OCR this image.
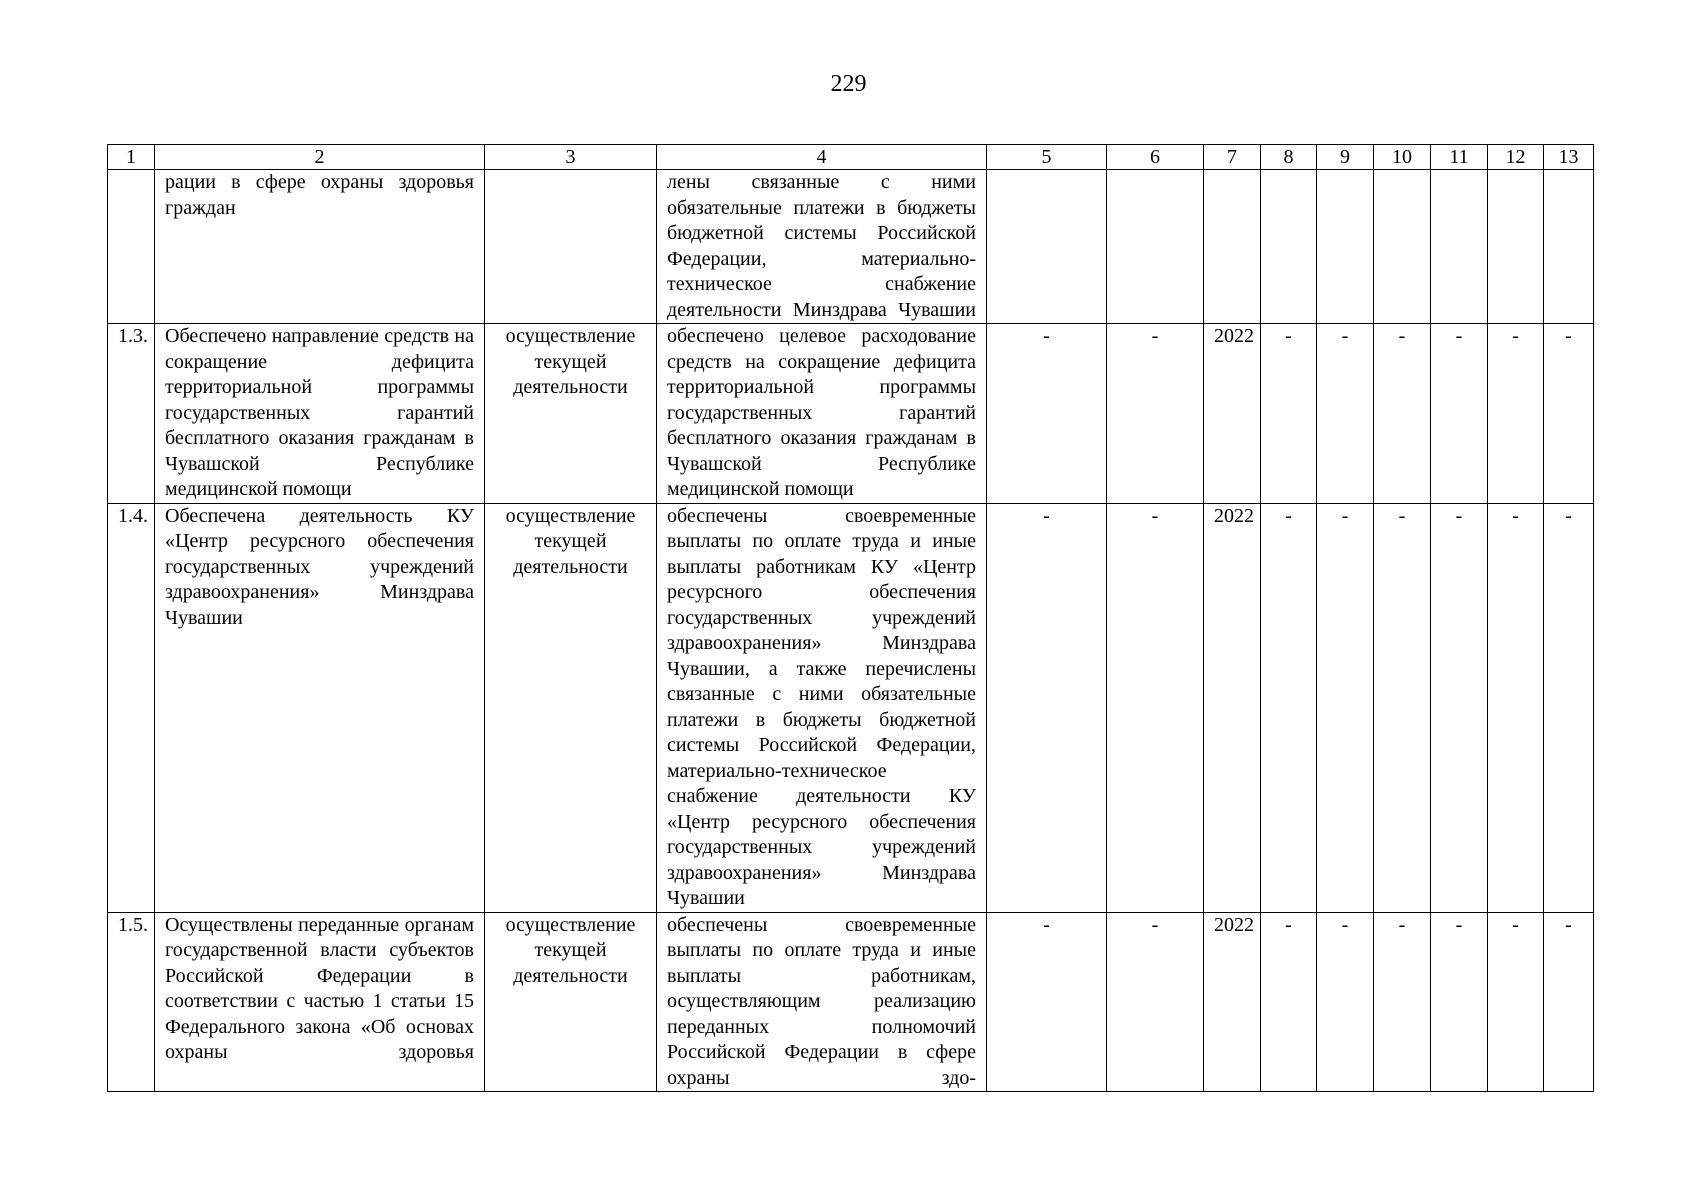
229
1	2	3	4	5	6	7	8	9	10	11	12	13
	рации в сфере охраны здоровья граждан		лены связанные с ними обязательные платежи в бюджеты бюджетной системы Российской Федерации, материально-техническое снабжение деятельности Минздрава Чувашии									
1.3.	Обеспечено направление средств на сокращение дефицита территориальной программы государственных гарантий бесплатного оказания гражданам в Чувашской Республике медицинской помощи	осуществление текущей деятельности	обеспечено целевое расходование средств на сокращение дефицита территориальной программы государственных гарантий бесплатного оказания гражданам в Чувашской Республике медицинской помощи	-	-	2022	-	-	-	-	-	-
1.4.	Обеспечена деятельность КУ «Центр ресурсного обеспечения государственных учреждений здравоохранения» Минздрава Чувашии	осуществление текущей деятельности	обеспечены своевременные выплаты по оплате труда и иные выплаты работникам КУ «Центр ресурсного обеспечения государственных учреждений здравоохранения» Минздрава Чувашии, а также перечислены связанные с ними обязательные платежи в бюджеты бюджетной системы Российской Федерации, материально-техническое снабжение деятельности КУ «Центр ресурсного обеспечения государственных учреждений здравоохранения» Минздрава Чувашии	-	-	2022	-	-	-	-	-	-
1.5.	Осуществлены переданные органам государственной власти субъектов Российской Федерации в соответствии с частью 1 статьи 15 Федерального закона «Об основах охраны здоровья	осуществление текущей деятельности	обеспечены своевременные выплаты по оплате труда и иные выплаты работникам, осуществляющим реализацию переданных полномочий Российской Федерации в сфере охраны здо-	-	-	2022	-	-	-	-	-	-
